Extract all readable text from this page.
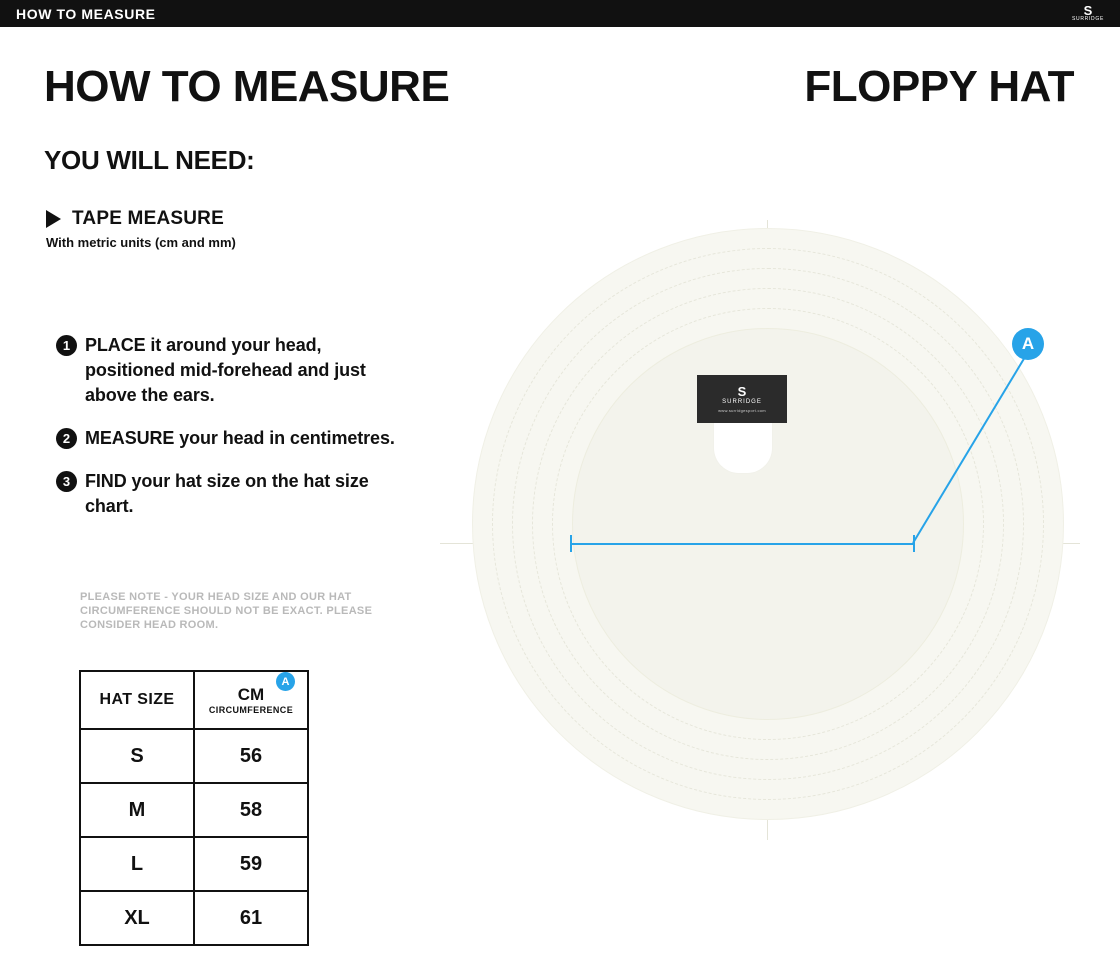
HOW TO MEASURE	S
SURRIDGE
HOW TO MEASURE	FLOPPY HAT
YOU WILL NEED:
TAPE MEASURE
With metric units (cm and mm)
1 PLACE it around your head, positioned mid-forehead and just above the ears.
2 MEASURE your head in centimetres.
3 FIND your hat size on the hat size chart.
PLEASE NOTE - YOUR HEAD SIZE AND OUR HAT CIRCUMFERENCE SHOULD NOT BE EXACT. PLEASE CONSIDER HEAD ROOM.
HAT SIZE	CM
CIRCUMFERENCE

S	56
M	58
L	59
XL	61
A
S
SURRIDGE
www.surridgesport.com
A
